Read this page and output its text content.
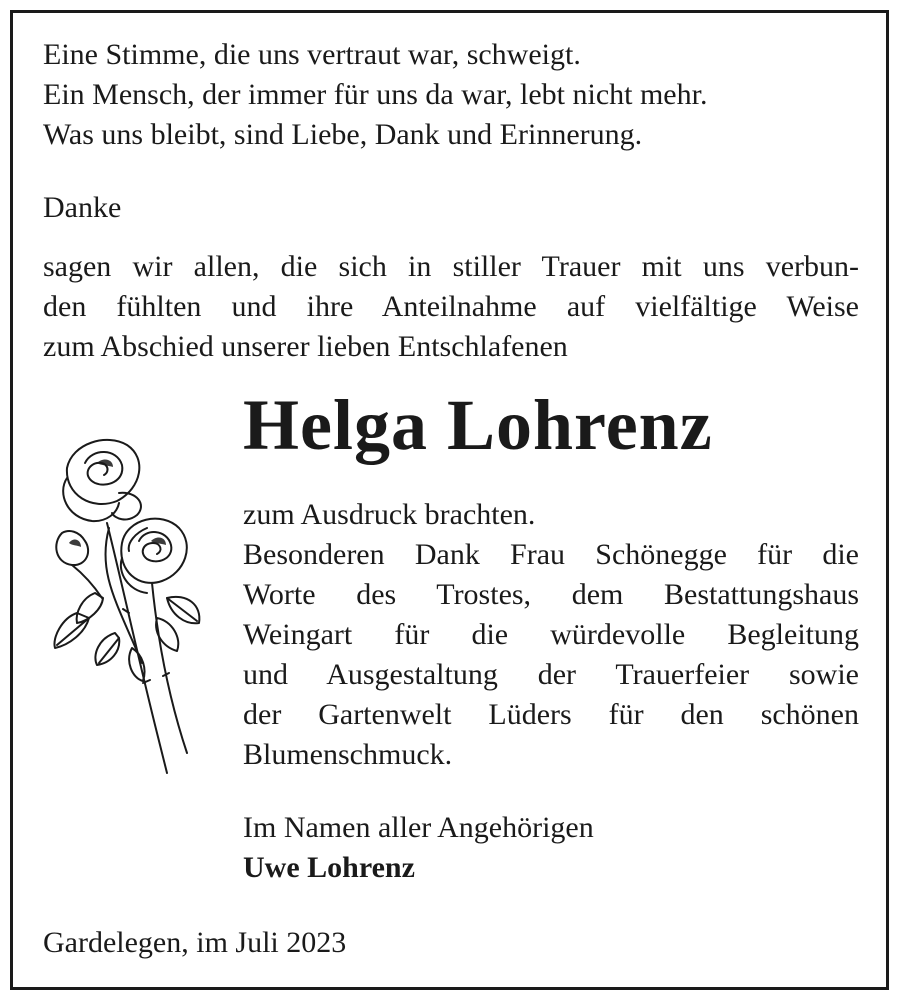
Eine Stimme, die uns vertraut war, schweigt.

Ein Mensch, der immer für uns da war, lebt nicht mehr.

Was uns bleibt, sind Liebe, Dank und Erinnerung.

Danke

sagen wir allen, die sich in stiller Trauer mit uns verbun-

den fühlten und ihre Anteilnahme auf vielfältige Weise

zum Abschied unserer lieben Entschlafenen

Helga Lohrenz

zum Ausdruck brachten.

Besonderen Dank Frau Schönegge für die

Worte des Trostes, dem Bestattungshaus

Weingart für die würdevolle Begleitung

und Ausgestaltung der Trauerfeier sowie

der Gartenwelt Lüders für den schönen

Blumenschmuck.

Im Namen aller Angehörigen

Uwe Lohrenz

Gardelegen, im Juli 2023
